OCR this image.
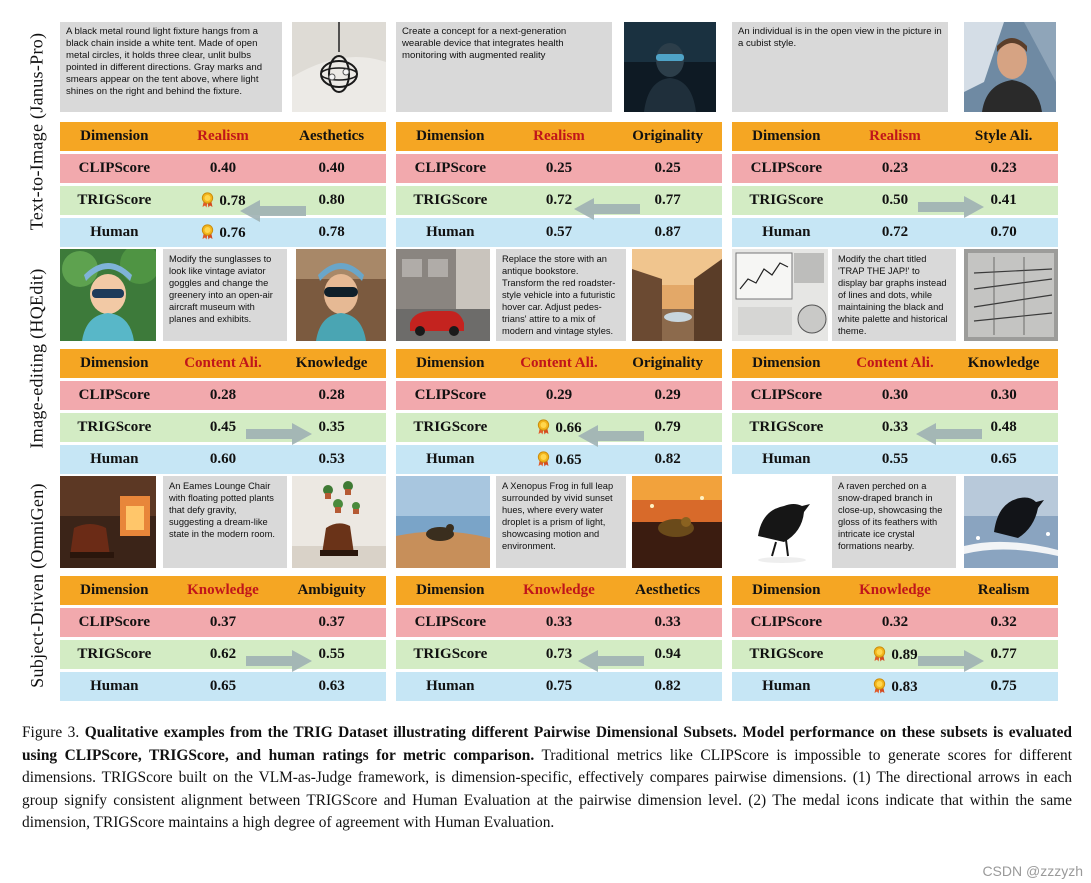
Text-to-Image (Janus-Pro)
Image-editing (HQEdit)
Subject-Driven (OmniGen)
A black metal round light fixture hangs from a black chain inside a white tent. Made of open metal circles, it holds three clear, unlit bulbs pointed in different directions. Gray marks and smears appear on the tent above, where light shines on the right and behind the fixture.
Dimension	Realism	Aesthetics
CLIPScore	0.40	0.40
TRIGScore	0.78	0.80
Human	0.76	0.78
Create a concept for a next-generation wearable device that integrates health monitoring with augmented reality
Dimension	Realism	Originality
CLIPScore	0.25	0.25
TRIGScore	0.72	0.77
Human	0.57	0.87
An individual is in the open view in the picture in a cubist style.
Dimension	Realism	Style Ali.
CLIPScore	0.23	0.23
TRIGScore	0.50	0.41
Human	0.72	0.70
Modify the sunglasses to look like vintage aviator goggles and change the greenery into an open-air aircraft museum with planes and exhibits.
Dimension	Content Ali.	Knowledge
CLIPScore	0.28	0.28
TRIGScore	0.45	0.35
Human	0.60	0.53
Replace the store with an antique bookstore. Transform the red roadster-style vehicle into a futuristic hover car. Adjust pedes-trians' attire to a mix of modern and vintage styles.
Dimension	Content Ali.	Originality
CLIPScore	0.29	0.29
TRIGScore	0.66	0.79
Human	0.65	0.82
Modify the chart titled 'TRAP THE JAP!' to display bar graphs instead of lines and dots, while maintaining the black and white palette and historical theme.
Dimension	Content Ali.	Knowledge
CLIPScore	0.30	0.30
TRIGScore	0.33	0.48
Human	0.55	0.65
An Eames Lounge Chair with floating potted plants that defy gravity, suggesting a dream-like state in the modern room.
Dimension	Knowledge	Ambiguity
CLIPScore	0.37	0.37
TRIGScore	0.62	0.55
Human	0.65	0.63
A Xenopus Frog in full leap surrounded by vivid sunset hues, where every water droplet is a prism of light, showcasing motion and environment.
Dimension	Knowledge	Aesthetics
CLIPScore	0.33	0.33
TRIGScore	0.73	0.94
Human	0.75	0.82
A raven perched on a snow-draped branch in close-up, showcasing the gloss of its feathers with intricate ice crystal formations nearby.
Dimension	Knowledge	Realism
CLIPScore	0.32	0.32
TRIGScore	0.89	0.77
Human	0.83	0.75
Figure 3. Qualitative examples from the TRIG Dataset illustrating different Pairwise Dimensional Subsets. Model performance on these subsets is evaluated using CLIPScore, TRIGScore, and human ratings for metric comparison. Traditional metrics like CLIPScore is impossible to generate scores for different dimensions. TRIGScore built on the VLM-as-Judge framework, is dimension-specific, effectively compares pairwise dimensions. (1) The directional arrows in each group signify consistent alignment between TRIGScore and Human Evaluation at the pairwise dimension level. (2) The medal icons indicate that within the same dimension, TRIGScore maintains a high degree of agreement with Human Evaluation.
CSDN @zzzyzh
